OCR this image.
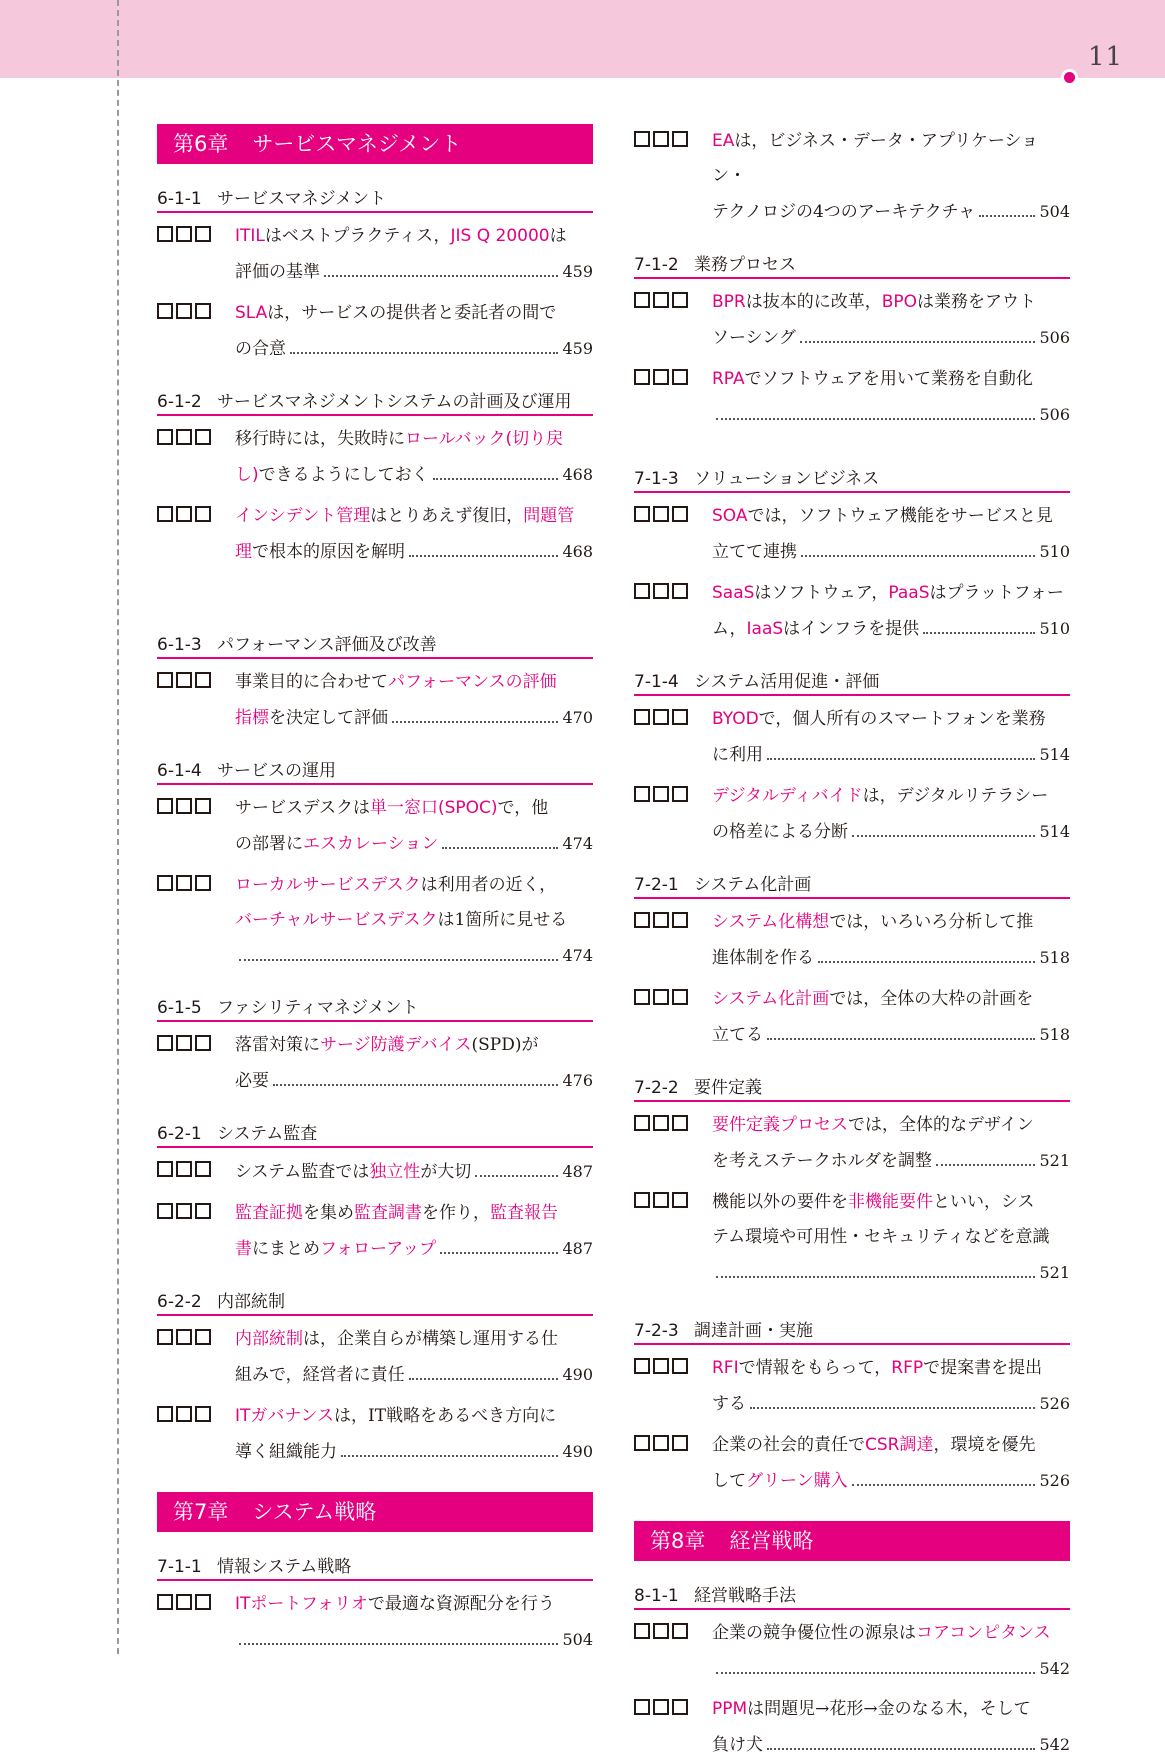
11
第6章 サービスマネジメント
6-1-1 サービスマネジメント
ITILはベストプラクティス，JIS Q 20000は
評価の基準	459
SLAは，サービスの提供者と委託者の間で
の合意	459
6-1-2 サービスマネジメントシステムの計画及び運用
移行時には，失敗時にロールバック(切り戻
し) できるようにしておく	468
インシデント管理はとりあえず復旧，問題管
理 で根本的原因を解明	468
6-1-3 パフォーマンス評価及び改善
事業目的に合わせてパフォーマンスの評価
指標 を決定して評価	470
6-1-4 サービスの運用
サービスデスクは単一窓口(SPOC)で，他
の部署に エスカレーション	474
ローカルサービスデスクは利用者の近く，
バーチャルサービスデスクは1箇所に見せる
474
6-1-5 ファシリティマネジメント
落雷対策にサージ防護デバイス(SPD)が
必要	476
6-2-1 システム監査
システム監査では 独立性 が大切	487
監査証拠を集め監査調書を作り，監査報告
書 にまとめ フォローアップ	487
6-2-2 内部統制
内部統制は，企業自らが構築し運用する仕
組みで，経営者に責任	490
ITガバナンスは，IT戦略をあるべき方向に
導く組織能力	490
第7章 システム戦略
7-1-1 情報システム戦略
ITポートフォリオで最適な資源配分を行う
504
EAは，ビジネス・データ・アプリケーション・
テクノロジの4つのアーキテクチャ	504
7-1-2 業務プロセス
BPRは抜本的に改革，BPOは業務をアウト
ソーシング	506
RPAでソフトウェアを用いて業務を自動化
506
7-1-3 ソリューションビジネス
SOAでは，ソフトウェア機能をサービスと見
立てて連携	510
SaaSはソフトウェア，PaaSはプラットフォー
ム， IaaS はインフラを提供	510
7-1-4 システム活用促進・評価
BYODで，個人所有のスマートフォンを業務
に利用	514
デジタルディバイドは，デジタルリテラシー
の格差による分断	514
7-2-1 システム化計画
システム化構想では，いろいろ分析して推
進体制を作る	518
システム化計画では，全体の大枠の計画を
立てる	518
7-2-2 要件定義
要件定義プロセスでは，全体的なデザイン
を考えステークホルダを調整	521
機能以外の要件を非機能要件といい，シス
テム環境や可用性・セキュリティなどを意識
521
7-2-3 調達計画・実施
RFIで情報をもらって，RFPで提案書を提出
する	526
企業の社会的責任でCSR調達，環境を優先
して グリーン購入	526
第8章 経営戦略
8-1-1 経営戦略手法
企業の競争優位性の源泉はコアコンピタンス
542
PPMは問題児→花形→金のなる木，そして
負け犬	542
